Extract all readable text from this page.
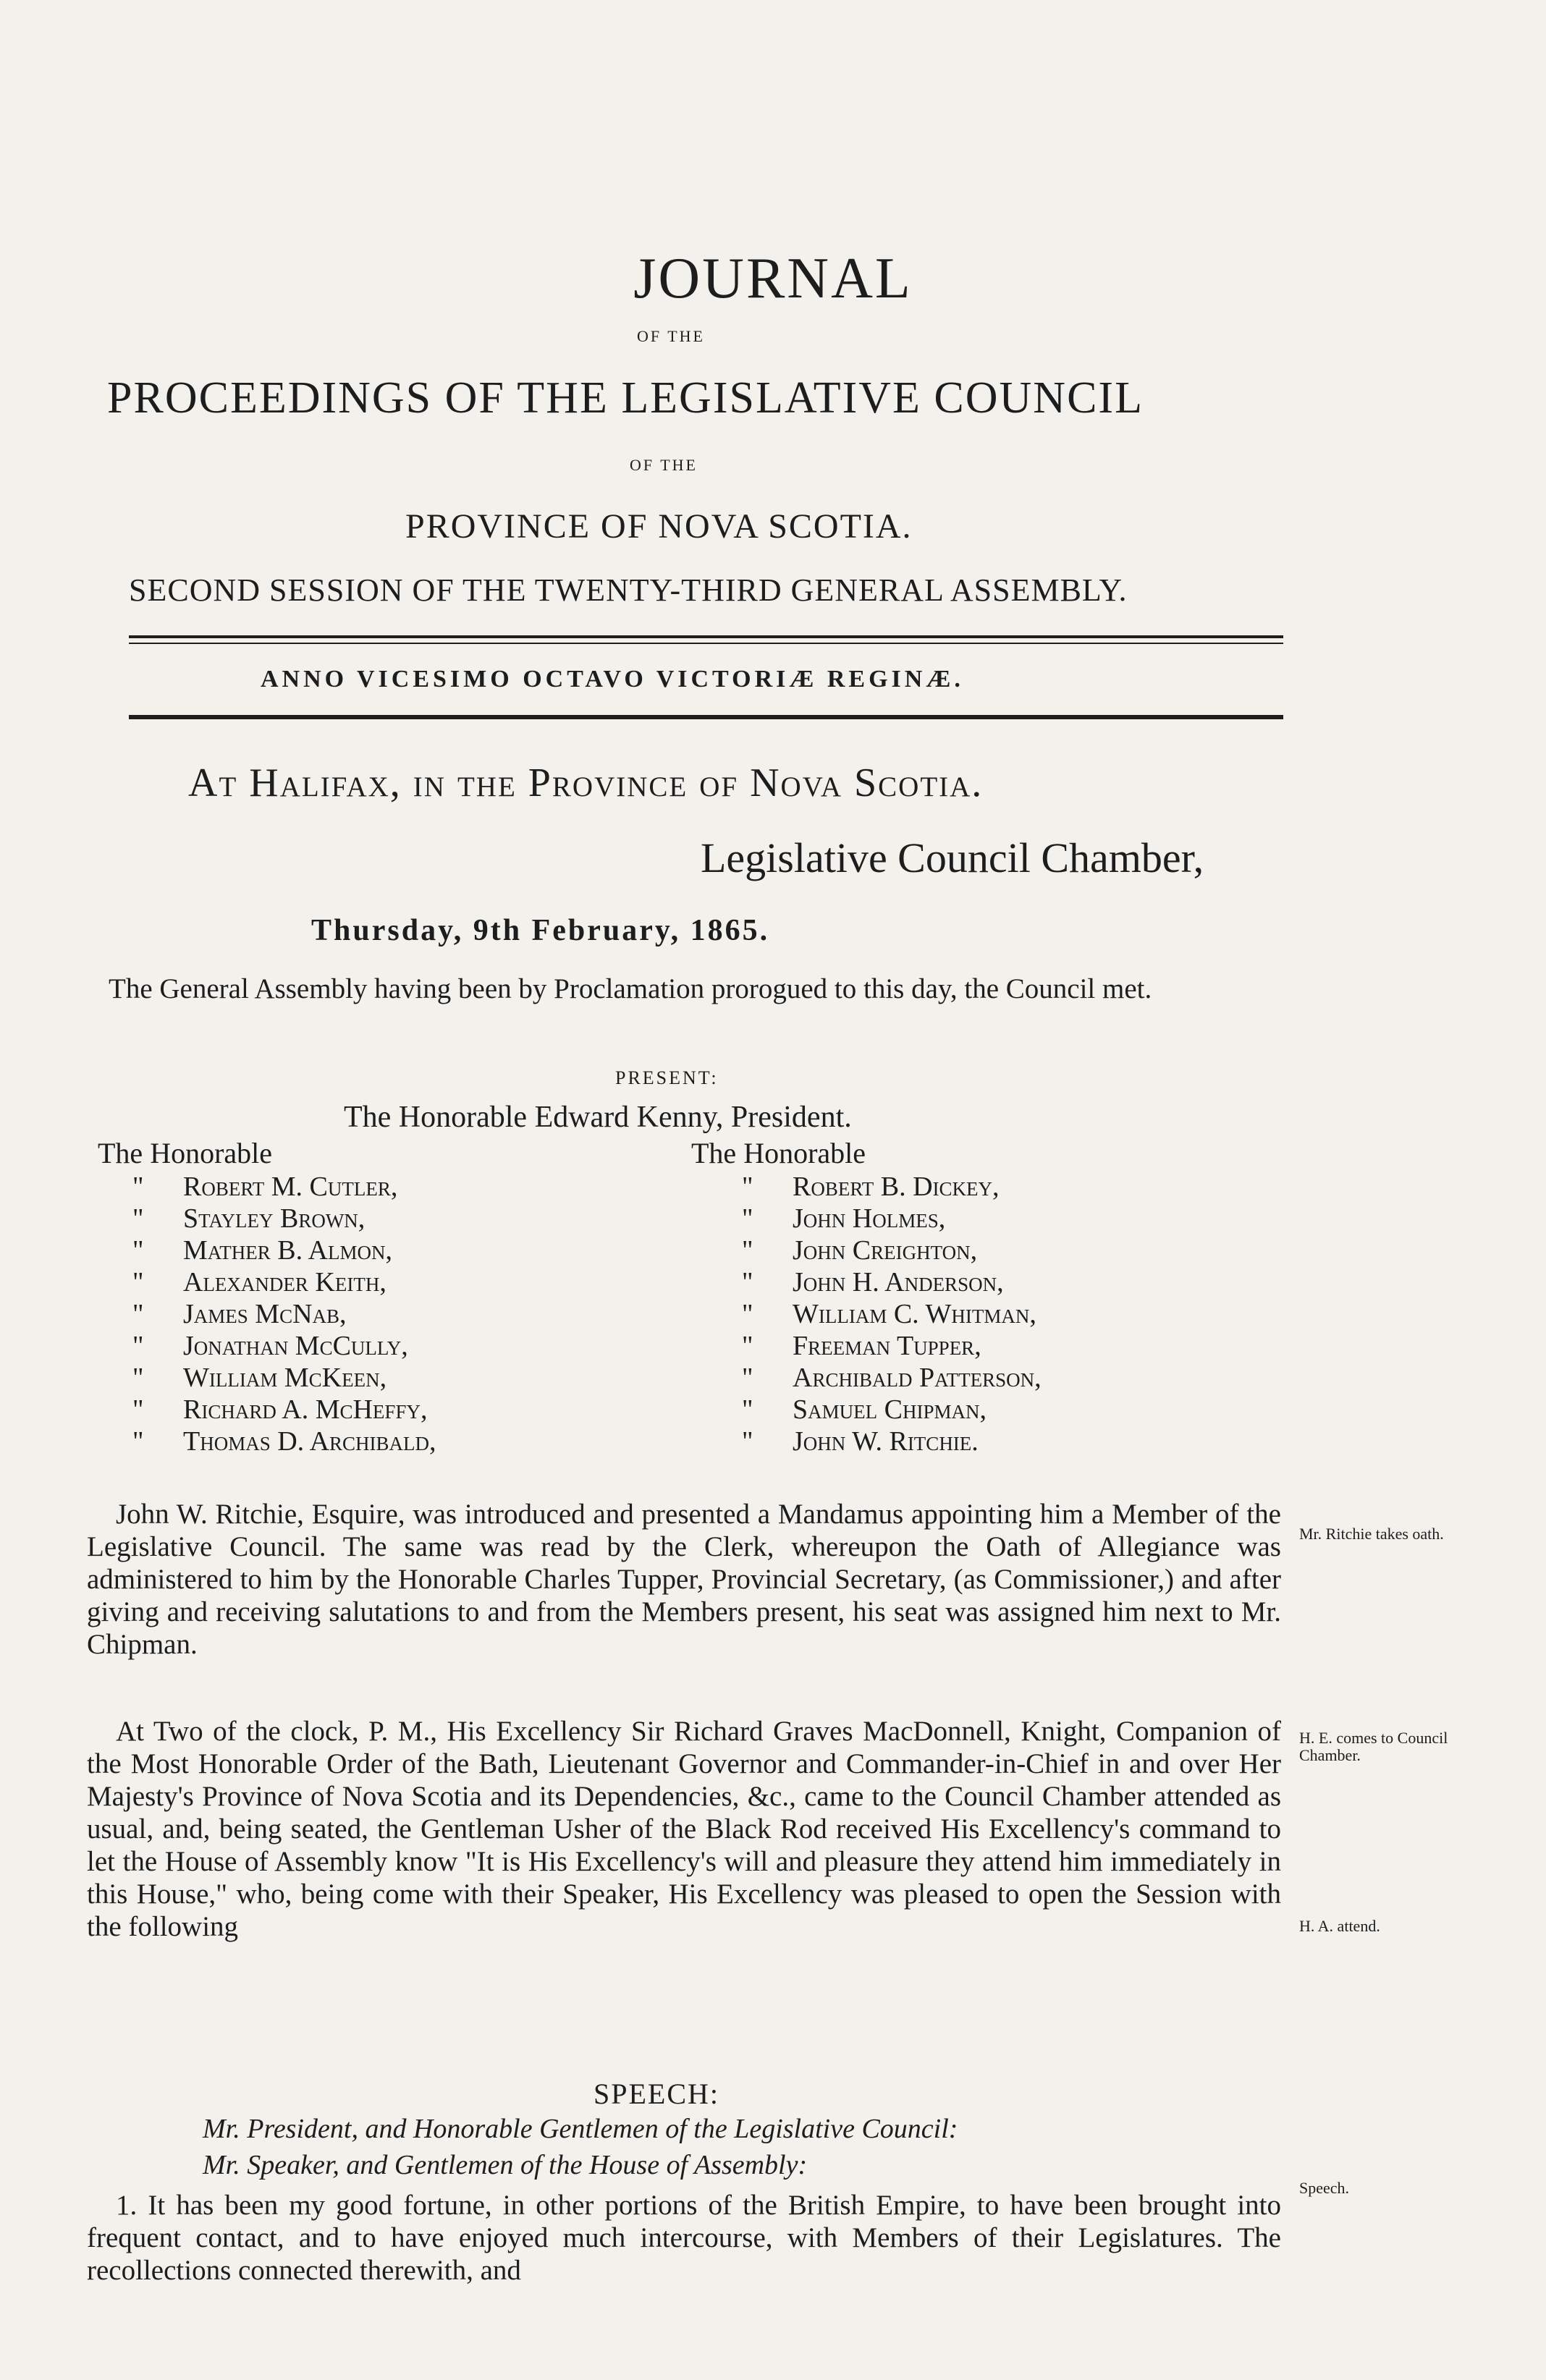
JOURNAL
OF THE
PROCEEDINGS OF THE LEGISLATIVE COUNCIL
OF THE
PROVINCE OF NOVA SCOTIA.
SECOND SESSION OF THE TWENTY-THIRD GENERAL ASSEMBLY.
ANNO VICESIMO OCTAVO VICTORIÆ REGINÆ.
At Halifax, in the Province of Nova Scotia.
Legislative Council Chamber,
Thursday, 9th February, 1865.
The General Assembly having been by Proclamation prorogued to this day, the Council met.
PRESENT:
The Honorable Edward Kenny, President.
The Honorable	The Honorable
" Robert M. Cutler,
" Stayley Brown,
" Mather B. Almon,
" Alexander Keith,
" James McNab,
" Jonathan McCully,
" William McKeen,
" Richard A. McHeffy,
" Thomas D. Archibald,
" Robert B. Dickey,
" John Holmes,
" John Creighton,
" John H. Anderson,
" William C. Whitman,
" Freeman Tupper,
" Archibald Patterson,
" Samuel Chipman,
" John W. Ritchie.
John W. Ritchie, Esquire, was introduced and presented a Mandamus appointing him a Member of the Legislative Council. The same was read by the Clerk, whereupon the Oath of Allegiance was administered to him by the Honorable Charles Tupper, Provincial Secretary, (as Commissioner,) and after giving and receiving salutations to and from the Members present, his seat was assigned him next to Mr. Chipman.
Mr. Ritchie takes oath.
At Two of the clock, P. M., His Excellency Sir Richard Graves MacDonnell, Knight, Companion of the Most Honorable Order of the Bath, Lieutenant Governor and Commander-in-Chief in and over Her Majesty's Province of Nova Scotia and its Dependencies, &c., came to the Council Chamber attended as usual, and, being seated, the Gentleman Usher of the Black Rod received His Excellency's command to let the House of Assembly know "It is His Excellency's will and pleasure they attend him immediately in this House," who, being come with their Speaker, His Excellency was pleased to open the Session with the following
H. E. comes to Council Chamber.
H. A. attend.
SPEECH:
Mr. President, and Honorable Gentlemen of the Legislative Council:
Mr. Speaker, and Gentlemen of the House of Assembly:
1. It has been my good fortune, in other portions of the British Empire, to have been brought into frequent contact, and to have enjoyed much intercourse, with Members of their Legislatures. The recollections connected therewith, and
Speech.
